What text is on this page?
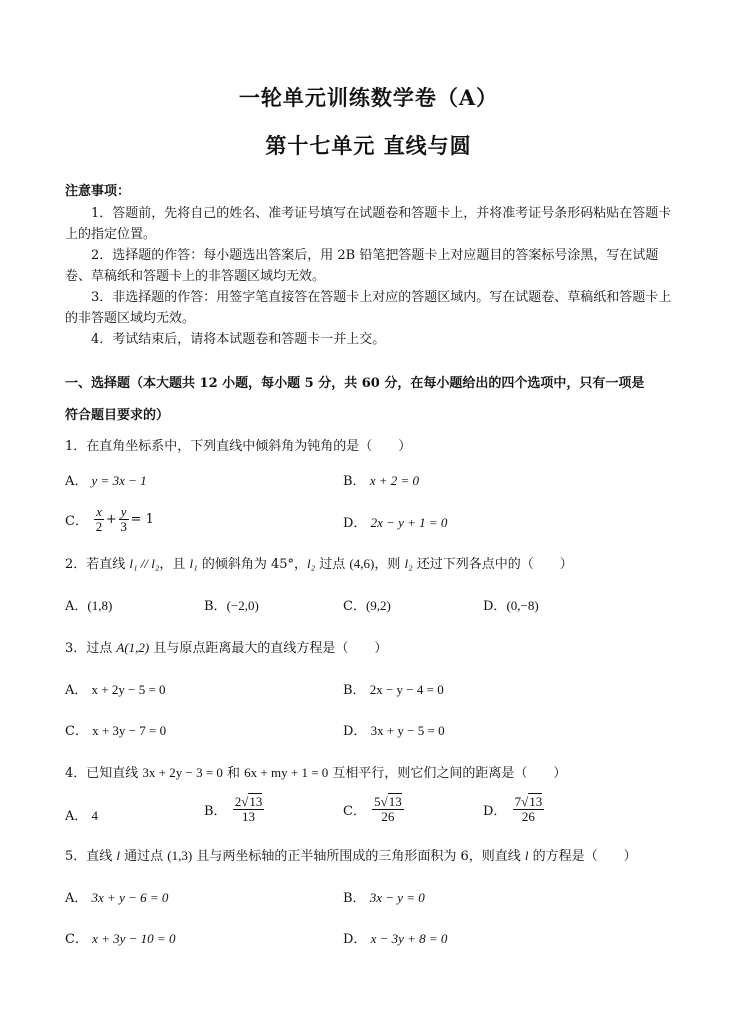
一轮单元训练数学卷（A）
第十七单元 直线与圆
注意事项：
1．答题前，先将自己的姓名、准考证号填写在试题卷和答题卡上，并将准考证号条形码粘贴在答题卡上的指定位置。
2．选择题的作答：每小题选出答案后，用 2B 铅笔把答题卡上对应题目的答案标号涂黑，写在试题卷、草稿纸和答题卡上的非答题区域均无效。
3．非选择题的作答：用签字笔直接答在答题卡上对应的答题区域内。写在试题卷、草稿纸和答题卡上的非答题区域均无效。
4．考试结束后，请将本试题卷和答题卡一并上交。
一、选择题（本大题共 12 小题，每小题 5 分，共 60 分，在每小题给出的四个选项中，只有一项是
符合题目要求的）
1．在直角坐标系中，下列直线中倾斜角为钝角的是（　　）
A． y = 3x − 1	B． x + 2 = 0
C． $\frac{x}{2} + \frac{y}{3} = 1$	D． 2x − y + 1 = 0
2．若直线 l₁ // l₂，且 l₁ 的倾斜角为 45°，l₂ 过点 (4,6)，则 l₂ 还过下列各点中的（　　）
A．(1,8)	B．(−2,0)	C．(9,2)	D．(0,−8)
3．过点 A(1,2) 且与原点距离最大的直线方程是（　　）
A． x + 2y − 5 = 0	B． 2x − y − 4 = 0
C． x + 3y − 7 = 0	D． 3x + y − 5 = 0
4．已知直线 3x + 2y − 3 = 0 和 6x + my + 1 = 0 互相平行，则它们之间的距离是（　　）
A． 4	B． $\frac{2√13}{13}$	C． $\frac{5√13}{26}$	D． $\frac{7√13}{26}$
5．直线 l 通过点 (1,3) 且与两坐标轴的正半轴所围成的三角形面积为 6，则直线 l 的方程是（　　）
A． 3x + y − 6 = 0	B． 3x − y = 0
C． x + 3y − 10 = 0	D． x − 3y + 8 = 0
